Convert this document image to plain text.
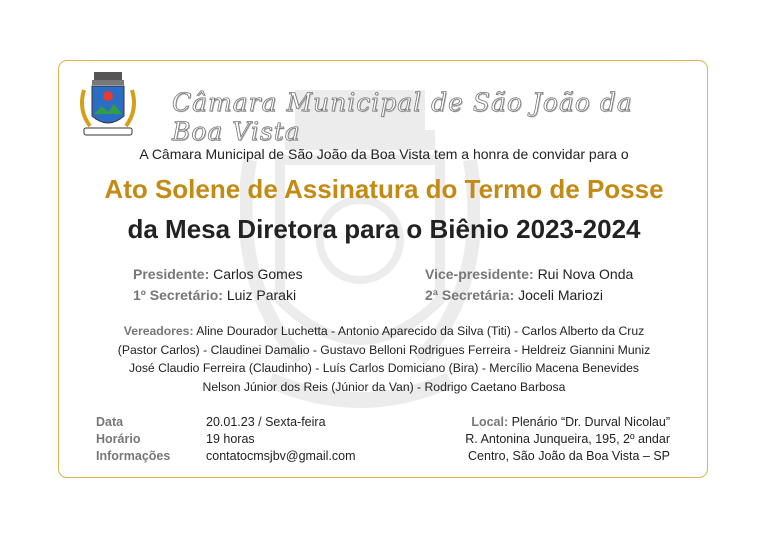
Câmara Municipal de São João da Boa Vista
A Câmara Municipal de São João da Boa Vista tem a honra de convidar para o
Ato Solene de Assinatura do Termo de Posse
da Mesa Diretora para o Biênio 2023-2024
Presidente: Carlos Gomes	Vice-presidente: Rui Nova Onda
1º Secretário: Luiz Paraki	2ª Secretária: Joceli Mariozi
Vereadores: Aline Dourador Luchetta - Antonio Aparecido da Silva (Titi) - Carlos Alberto da Cruz
(Pastor Carlos) - Claudinei Damalio - Gustavo Belloni Rodrigues Ferreira - Heldreiz Giannini Muniz
José Claudio Ferreira (Claudinho) - Luís Carlos Domiciano (Bira) - Mercílio Macena Benevides
Nelson Júnior dos Reis (Júnior da Van) - Rodrigo Caetano Barbosa
Data
Horário
Informações
20.01.23 / Sexta-feira
19 horas
contatocmsjbv@gmail.com
Local: Plenário “Dr. Durval Nicolau”
R. Antonina Junqueira, 195, 2º andar
Centro, São João da Boa Vista – SP
